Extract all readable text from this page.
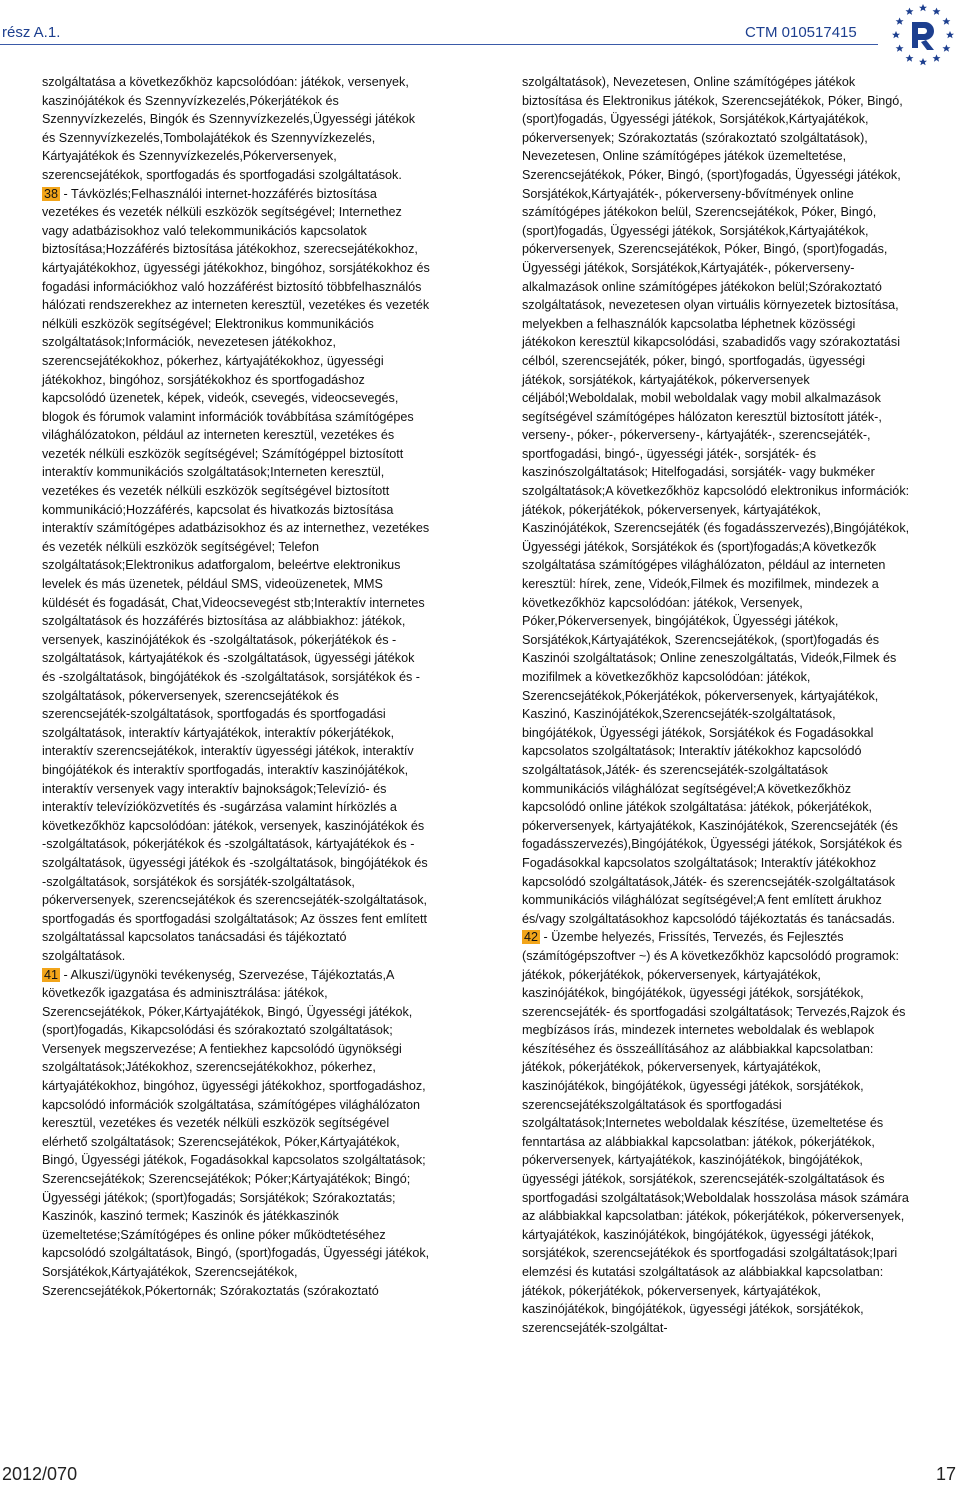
rész A.1.	CTM 010517415

szolgáltatása a következőkhöz kapcsolódóan: játékok, versenyek, kaszinójátékok és Szennyvízkezelés,Pókerjátékok és Szennyvízkezelés, Bingók és Szennyvízkezelés,Ügyességi játékok és Szennyvízkezelés,Tombolajátékok és Szennyvízkezelés, Kártyajátékok és Szennyvízkezelés,Pókerversenyek, szerencsejátékok, sportfogadás és sportfogadási szolgáltatások.

38 - Távközlés;Felhasználói internet-hozzáférés biztosítása vezetékes és vezeték nélküli eszközök segítségével; Internethez vagy adatbázisokhoz való telekommunikációs kapcsolatok biztosítása;Hozzáférés biztosítása játékokhoz, szerecsejátékokhoz, kártyajátékokhoz, ügyességi játékokhoz, bingóhoz, sorsjátékokhoz és fogadási információkhoz való hozzáférést biztosító többfelhasználós hálózati rendszerekhez az interneten keresztül, vezetékes és vezeték nélküli eszközök segítségével; Elektronikus kommunikációs szolgáltatások;Információk, nevezetesen játékokhoz, szerencsejátékokhoz, pókerhez, kártyajátékokhoz, ügyességi játékokhoz, bingóhoz, sorsjátékokhoz és sportfogadáshoz kapcsolódó üzenetek, képek, videók, csevegés, videocsevegés, blogok és fórumok valamint információk továbbítása számítógépes világhálózatokon, például az interneten keresztül, vezetékes és vezeték nélküli eszközök segítségével; Számítógéppel biztosított interaktív kommunikációs szolgáltatások;Interneten keresztül, vezetékes és vezeték nélküli eszközök segítségével biztosított kommunikáció;Hozzáférés, kapcsolat és hivatkozás biztosítása interaktív számítógépes adatbázisokhoz és az internethez, vezetékes és vezeték nélküli eszközök segítségével; Telefon szolgáltatások;Elektronikus adatforgalom, beleértve elektronikus levelek és más üzenetek, például SMS, videoüzenetek, MMS küldését és fogadását, Chat,Videocsevegést stb;Interaktív internetes szolgáltatások és hozzáférés biztosítása az alábbiakhoz: játékok, versenyek, kaszinójátékok és -szolgáltatások, pókerjátékok és -szolgáltatások, kártyajátékok és -szolgáltatások, ügyességi játékok és -szolgáltatások, bingójátékok és -szolgáltatások, sorsjátékok és -szolgáltatások, pókerversenyek, szerencsejátékok és szerencsejáték-szolgáltatások, sportfogadás és sportfogadási szolgáltatások, interaktív kártyajátékok, interaktív pókerjátékok, interaktív szerencsejátékok, interaktív ügyességi játékok, interaktív bingójátékok és interaktív sportfogadás, interaktív kaszinójátékok, interaktív versenyek vagy interaktív bajnokságok;Televízió- és interaktív televízióközvetítés és -sugárzása valamint hírközlés a következőkhöz kapcsolódóan: játékok, versenyek, kaszinójátékok és -szolgáltatások, pókerjátékok és -szolgáltatások, kártyajátékok és -szolgáltatások, ügyességi játékok és -szolgáltatások, bingójátékok és -szolgáltatások, sorsjátékok és sorsjáték-szolgáltatások, pókerversenyek, szerencsejátékok és szerencsejáték-szolgáltatások, sportfogadás és sportfogadási szolgáltatások; Az összes fent említett szolgáltatással kapcsolatos tanácsadási és tájékoztató szolgáltatások.

41 - Alkuszi/ügynöki tevékenység, Szervezése, Tájékoztatás,A következők igazgatása és adminisztrálása: játékok, Szerencsejátékok, Póker,Kártyajátékok, Bingó, Ügyességi játékok, (sport)fogadás, Kikapcsolódási és szórakoztató szolgáltatások; Versenyek megszervezése; A fentiekhez kapcsolódó ügynökségi szolgáltatások;Játékokhoz, szerencsejátékokhoz, pókerhez, kártyajátékokhoz, bingóhoz, ügyességi játékokhoz, sportfogadáshoz, kapcsolódó információk szolgáltatása, számítógépes világhálózaton keresztül, vezetékes és vezeték nélküli eszközök segítségével elérhető szolgáltatások; Szerencsejátékok, Póker,Kártyajátékok, Bingó, Ügyességi játékok, Fogadásokkal kapcsolatos szolgáltatások; Szerencsejátékok; Szerencsejátékok; Póker;Kártyajátékok; Bingó; Ügyességi játékok; (sport)fogadás; Sorsjátékok; Szórakoztatás; Kaszinók, kaszinó termek; Kaszinók és játékkaszinók üzemeltetése;Számítógépes és online póker működtetéséhez kapcsolódó szolgáltatások, Bingó, (sport)fogadás, Ügyességi játékok, Sorsjátékok,Kártyajátékok, Szerencsejátékok, Szerencsejátékok,Pókertornák; Szórakoztatás (szórakoztató

szolgáltatások), Nevezetesen, Online számítógépes játékok biztosítása és Elektronikus játékok, Szerencsejátékok, Póker, Bingó, (sport)fogadás, Ügyességi játékok, Sorsjátékok,Kártyajátékok, pókerversenyek; Szórakoztatás (szórakoztató szolgáltatások), Nevezetesen, Online számítógépes játékok üzemeltetése, Szerencsejátékok, Póker, Bingó, (sport)fogadás, Ügyességi játékok, Sorsjátékok,Kártyajáték-, pókerverseny-bővítmények online számítógépes játékokon belül, Szerencsejátékok, Póker, Bingó, (sport)fogadás, Ügyességi játékok, Sorsjátékok,Kártyajátékok, pókerversenyek, Szerencsejátékok, Póker, Bingó, (sport)fogadás, Ügyességi játékok, Sorsjátékok,Kártyajáték-, pókerverseny-alkalmazások online számítógépes játékokon belül;Szórakoztató szolgáltatások, nevezetesen olyan virtuális környezetek biztosítása, melyekben a felhasználók kapcsolatba léphetnek közösségi játékokon keresztül kikapcsolódási, szabadidős vagy szórakoztatási célból, szerencsejáték, póker, bingó, sportfogadás, ügyességi játékok, sorsjátékok, kártyajátékok, pókerversenyek céljából;Weboldalak, mobil weboldalak vagy mobil alkalmazások segítségével számítógépes hálózaton keresztül biztosított játék-, verseny-, póker-, pókerverseny-, kártyajáték-, szerencsejáték-, sportfogadási, bingó-, ügyességi játék-, sorsjáték- és kaszinószolgáltatások; Hitelfogadási, sorsjáték- vagy bukméker szolgáltatások;A következőkhöz kapcsolódó elektronikus információk: játékok, pókerjátékok, pókerversenyek, kártyajátékok, Kaszinójátékok, Szerencsejáték (és fogadásszervezés),Bingójátékok, Ügyességi játékok, Sorsjátékok és (sport)fogadás;A következők szolgáltatása számítógépes világhálózaton, például az interneten keresztül: hírek, zene, Videók,Filmek és mozifilmek, mindezek a következőkhöz kapcsolódóan: játékok, Versenyek, Póker,Pókerversenyek, bingójátékok, Ügyességi játékok, Sorsjátékok,Kártyajátékok, Szerencsejátékok, (sport)fogadás és Kaszinói szolgáltatások; Online zeneszolgáltatás, Videók,Filmek és mozifilmek a következőkhöz kapcsolódóan: játékok, Szerencsejátékok,Pókerjátékok, pókerversenyek, kártyajátékok, Kaszinó, Kaszinójátékok,Szerencsejáték-szolgáltatások, bingójátékok, Ügyességi játékok, Sorsjátékok és Fogadásokkal kapcsolatos szolgáltatások; Interaktív játékokhoz kapcsolódó szolgáltatások,Játék- és szerencsejáték-szolgáltatások kommunikációs világhálózat segítségével;A következőkhöz kapcsolódó online játékok szolgáltatása: játékok, pókerjátékok, pókerversenyek, kártyajátékok, Kaszinójátékok, Szerencsejáték (és fogadásszervezés),Bingójátékok, Ügyességi játékok, Sorsjátékok és Fogadásokkal kapcsolatos szolgáltatások; Interaktív játékokhoz kapcsolódó szolgáltatások,Játék- és szerencsejáték-szolgáltatások kommunikációs világhálózat segítségével;A fent említett árukhoz és/vagy szolgáltatásokhoz kapcsolódó tájékoztatás és tanácsadás.

42 - Üzembe helyezés, Frissítés, Tervezés, és Fejlesztés (számítógépszoftver ~) és A következőkhöz kapcsolódó programok: játékok, pókerjátékok, pókerversenyek, kártyajátékok, kaszinójátékok, bingójátékok, ügyességi játékok, sorsjátékok, szerencsejáték- és sportfogadási szolgáltatások; Tervezés,Rajzok és megbízásos írás, mindezek internetes weboldalak és weblapok készítéséhez és összeállításához az alábbiakkal kapcsolatban: játékok, pókerjátékok, pókerversenyek, kártyajátékok, kaszinójátékok, bingójátékok, ügyességi játékok, sorsjátékok, szerencsejátékszolgáltatások és sportfogadási szolgáltatások;Internetes weboldalak készítése, üzemeltetése és fenntartása az alábbiakkal kapcsolatban: játékok, pókerjátékok, pókerversenyek, kártyajátékok, kaszinójátékok, bingójátékok, ügyességi játékok, sorsjátékok, szerencsejáték-szolgáltatások és sportfogadási szolgáltatások;Weboldalak hosszolása mások számára az alábbiakkal kapcsolatban: játékok, pókerjátékok, pókerversenyek, kártyajátékok, kaszinójátékok, bingójátékok, ügyességi játékok, sorsjátékok, szerencsejátékok és sportfogadási szolgáltatások;Ipari elemzési és kutatási szolgáltatások az alábbiakkal kapcsolatban: játékok, pókerjátékok, pókerversenyek, kártyajátékok, kaszinójátékok, bingójátékok, ügyességi játékok, sorsjátékok, szerencsejáték-szolgáltat-

2012/070	17
